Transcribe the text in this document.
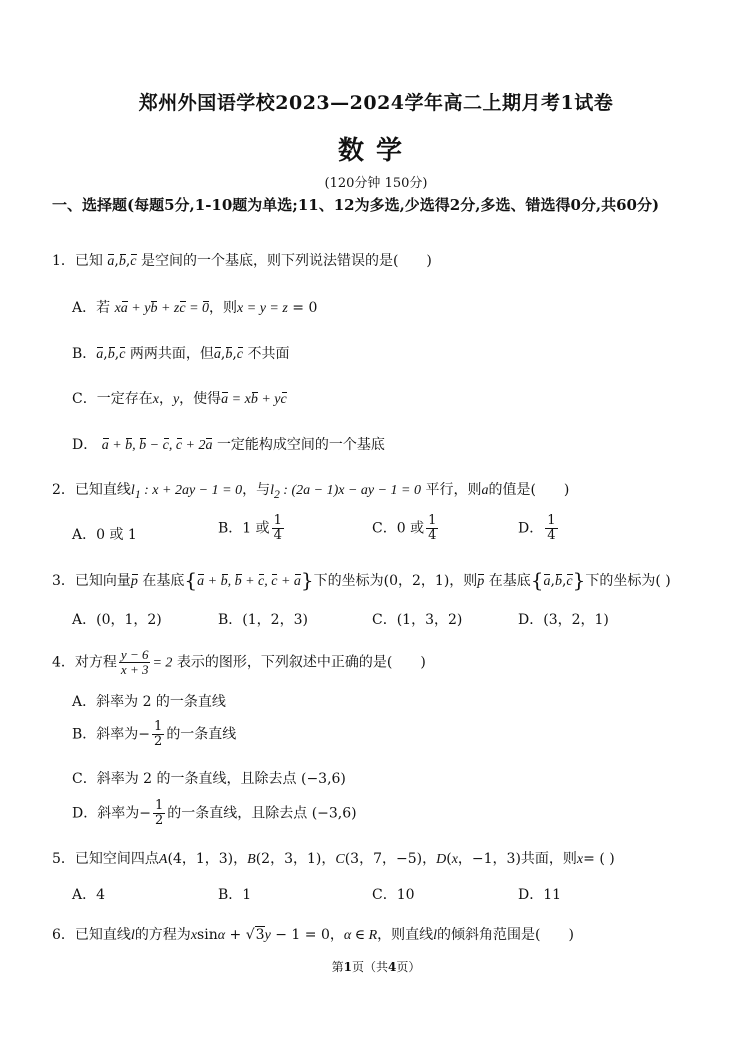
郑州外国语学校2023—2024学年高二上期月考1试卷
数学
(120分钟 150分)
一、选择题(每题5分,1-10题为单选;11、12为多选,少选得2分,多选、错选得0分,共60分)
1．已知 a,b,c 是空间的一个基底，则下列说法错误的是(　　)
A．若 xa + yb + zc = 0，则x = y = z = 0
B．a,b,c 两两共面，但a,b,c 不共面
C．一定存在x，y，使得a = xb + yc
D． a + b, b − c, c + 2a 一定能构成空间的一个基底
2．已知直线$l_1$ : x + 2ay − 1 = 0，与$l_2$ : (2a − 1)x − ay − 1 = 0 平行，则a的值是(　　)
A．0 或 1	B．1 或 $\frac{1}{4}$	C．0 或 $\frac{1}{4}$	D． $\frac{1}{4}$
3．已知向量p 在基底{a + b, b + c, c + a}下的坐标为(0，2，1)，则p 在基底{a,b,c}下的坐标为( )
A．(0，1，2)	B．(1，2，3)	C．(1，3，2)	D．(3，2，1)
4．对方程 $\frac{y - 6}{x + 3} = 2$ 表示的图形，下列叙述中正确的是(　　)
A．斜率为 2 的一条直线
B．斜率为− $\frac{1}{2}$ 的一条直线
C．斜率为 2 的一条直线，且除去点 (−3,6)
D．斜率为− $\frac{1}{2}$ 的一条直线，且除去点 (−3,6)
5．已知空间四点A(4，1，3)，B(2，3，1)，C(3，7，−5)，D(x，−1，3)共面，则x= ( )
A．4	B．1	C．10	D．11
6．已知直线l的方程为xsinα + √3y − 1 = 0，α ∈ R，则直线l的倾斜角范围是(　　)
第1页（共4页）
